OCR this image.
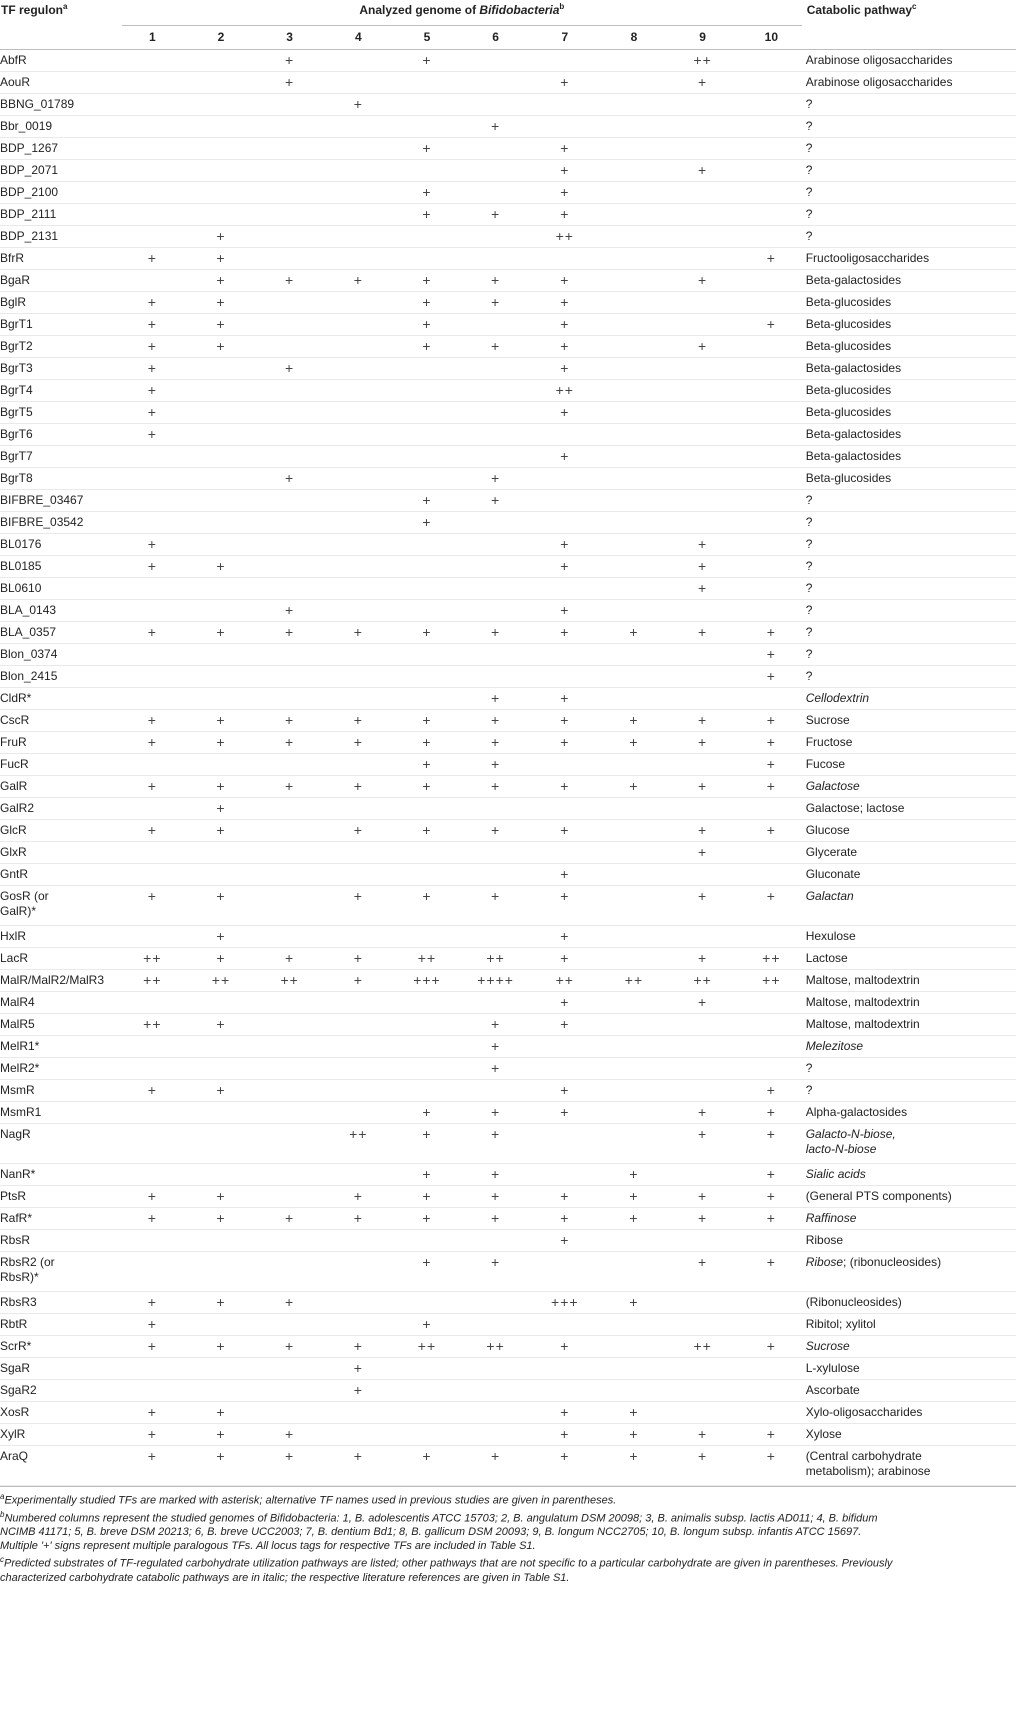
TF regulon$^a$	Analyzed genome of Bifidobacteria$^b$										Catabolic pathway$^c$
	1	2	3	4	5	6	7	8	9	10	
AbfR			+		+				++		Arabinose oligosaccharides
AouR			+				+		+		Arabinose oligosaccharides
BBNG_01789				+							?
Bbr_0019						+					?
BDP_1267					+		+				?
BDP_2071							+		+		?
BDP_2100					+		+				?
BDP_2111					+	+	+				?
BDP_2131		+					++				?
BfrR	+	+								+	Fructooligosaccharides
BgaR		+	+	+	+	+	+		+		Beta-galactosides
BglR	+	+			+	+	+				Beta-glucosides
BgrT1	+	+			+		+			+	Beta-glucosides
BgrT2	+	+			+	+	+		+		Beta-glucosides
BgrT3	+		+				+				Beta-galactosides
BgrT4	+						++				Beta-glucosides
BgrT5	+						+				Beta-glucosides
BgrT6	+										Beta-galactosides
BgrT7							+				Beta-galactosides
BgrT8			+			+					Beta-glucosides
BIFBRE_03467					+	+					?
BIFBRE_03542					+						?
BL0176	+						+		+		?
BL0185	+	+					+		+		?
BL0610									+		?
BLA_0143			+				+				?
BLA_0357	+	+	+	+	+	+	+	+	+	+	?
Blon_0374										+	?
Blon_2415										+	?
CldR*						+	+				Cellodextrin
CscR	+	+	+	+	+	+	+	+	+	+	Sucrose
FruR	+	+	+	+	+	+	+	+	+	+	Fructose
FucR					+	+				+	Fucose
GalR	+	+	+	+	+	+	+	+	+	+	Galactose
GalR2		+									Galactose; lactose
GlcR	+	+		+	+	+	+		+	+	Glucose
GlxR									+		Glycerate
GntR							+				Gluconate

GosR (or
GalR)*	+	+		+	+	+	+		+	+	Galactan
HxlR		+					+				Hexulose
LacR	++	+	+	+	++	++	+		+	++	Lactose
MalR/MalR2/MalR3	++	++	++	+	+++	++++	++	++	++	++	Maltose, maltodextrin
MalR4							+		+		Maltose, maltodextrin
MalR5	++	+				+	+				Maltose, maltodextrin
MelR1*						+					Melezitose
MelR2*						+					?
MsmR	+	+					+			+	?
MsmR1					+	+	+		+	+	Alpha-galactosides
NagR				++	+	+			+	+	Galacto-N-biose,
lacto-N-biose

NanR*					+	+		+		+	Sialic acids
PtsR	+	+		+	+	+	+	+	+	+	(General PTS components)
RafR*	+	+	+	+	+	+	+	+	+	+	Raffinose
RbsR							+				Ribose

RbsR2 (or
RbsR)*					+	+			+	+	Ribose; (ribonucleosides)
RbsR3	+	+	+				+++	+			(Ribonucleosides)
RbtR	+				+						Ribitol; xylitol
ScrR*	+	+	+	+	++	++	+		++	+	Sucrose
SgaR				+							L-xylulose
SgaR2				+							Ascorbate
XosR	+	+					+	+			Xylo-oligosaccharides
XylR	+	+	+				+	+	+	+	Xylose
AraQ	+	+	+	+	+	+	+	+	+	+	(Central carbohydrate
metabolism); arabinose

$^a$Experimentally studied TFs are marked with asterisk; alternative TF names used in previous studies are given in parentheses.

$^b$Numbered columns represent the studied genomes of Bifidobacteria: 1, B. adolescentis ATCC 15703; 2, B. angulatum DSM 20098; 3, B. animalis subsp. lactis AD011; 4, B. bifidum

NCIMB 41171; 5, B. breve DSM 20213; 6, B. breve UCC2003; 7, B. dentium Bd1; 8, B. gallicum DSM 20093; 9, B. longum NCC2705; 10, B. longum subsp. infantis ATCC 15697.

Multiple '+' signs represent multiple paralogous TFs. All locus tags for respective TFs are included in Table S1.

$^c$Predicted substrates of TF-regulated carbohydrate utilization pathways are listed; other pathways that are not specific to a particular carbohydrate are given in parentheses. Previously

characterized carbohydrate catabolic pathways are in italic; the respective literature references are given in Table S1.
